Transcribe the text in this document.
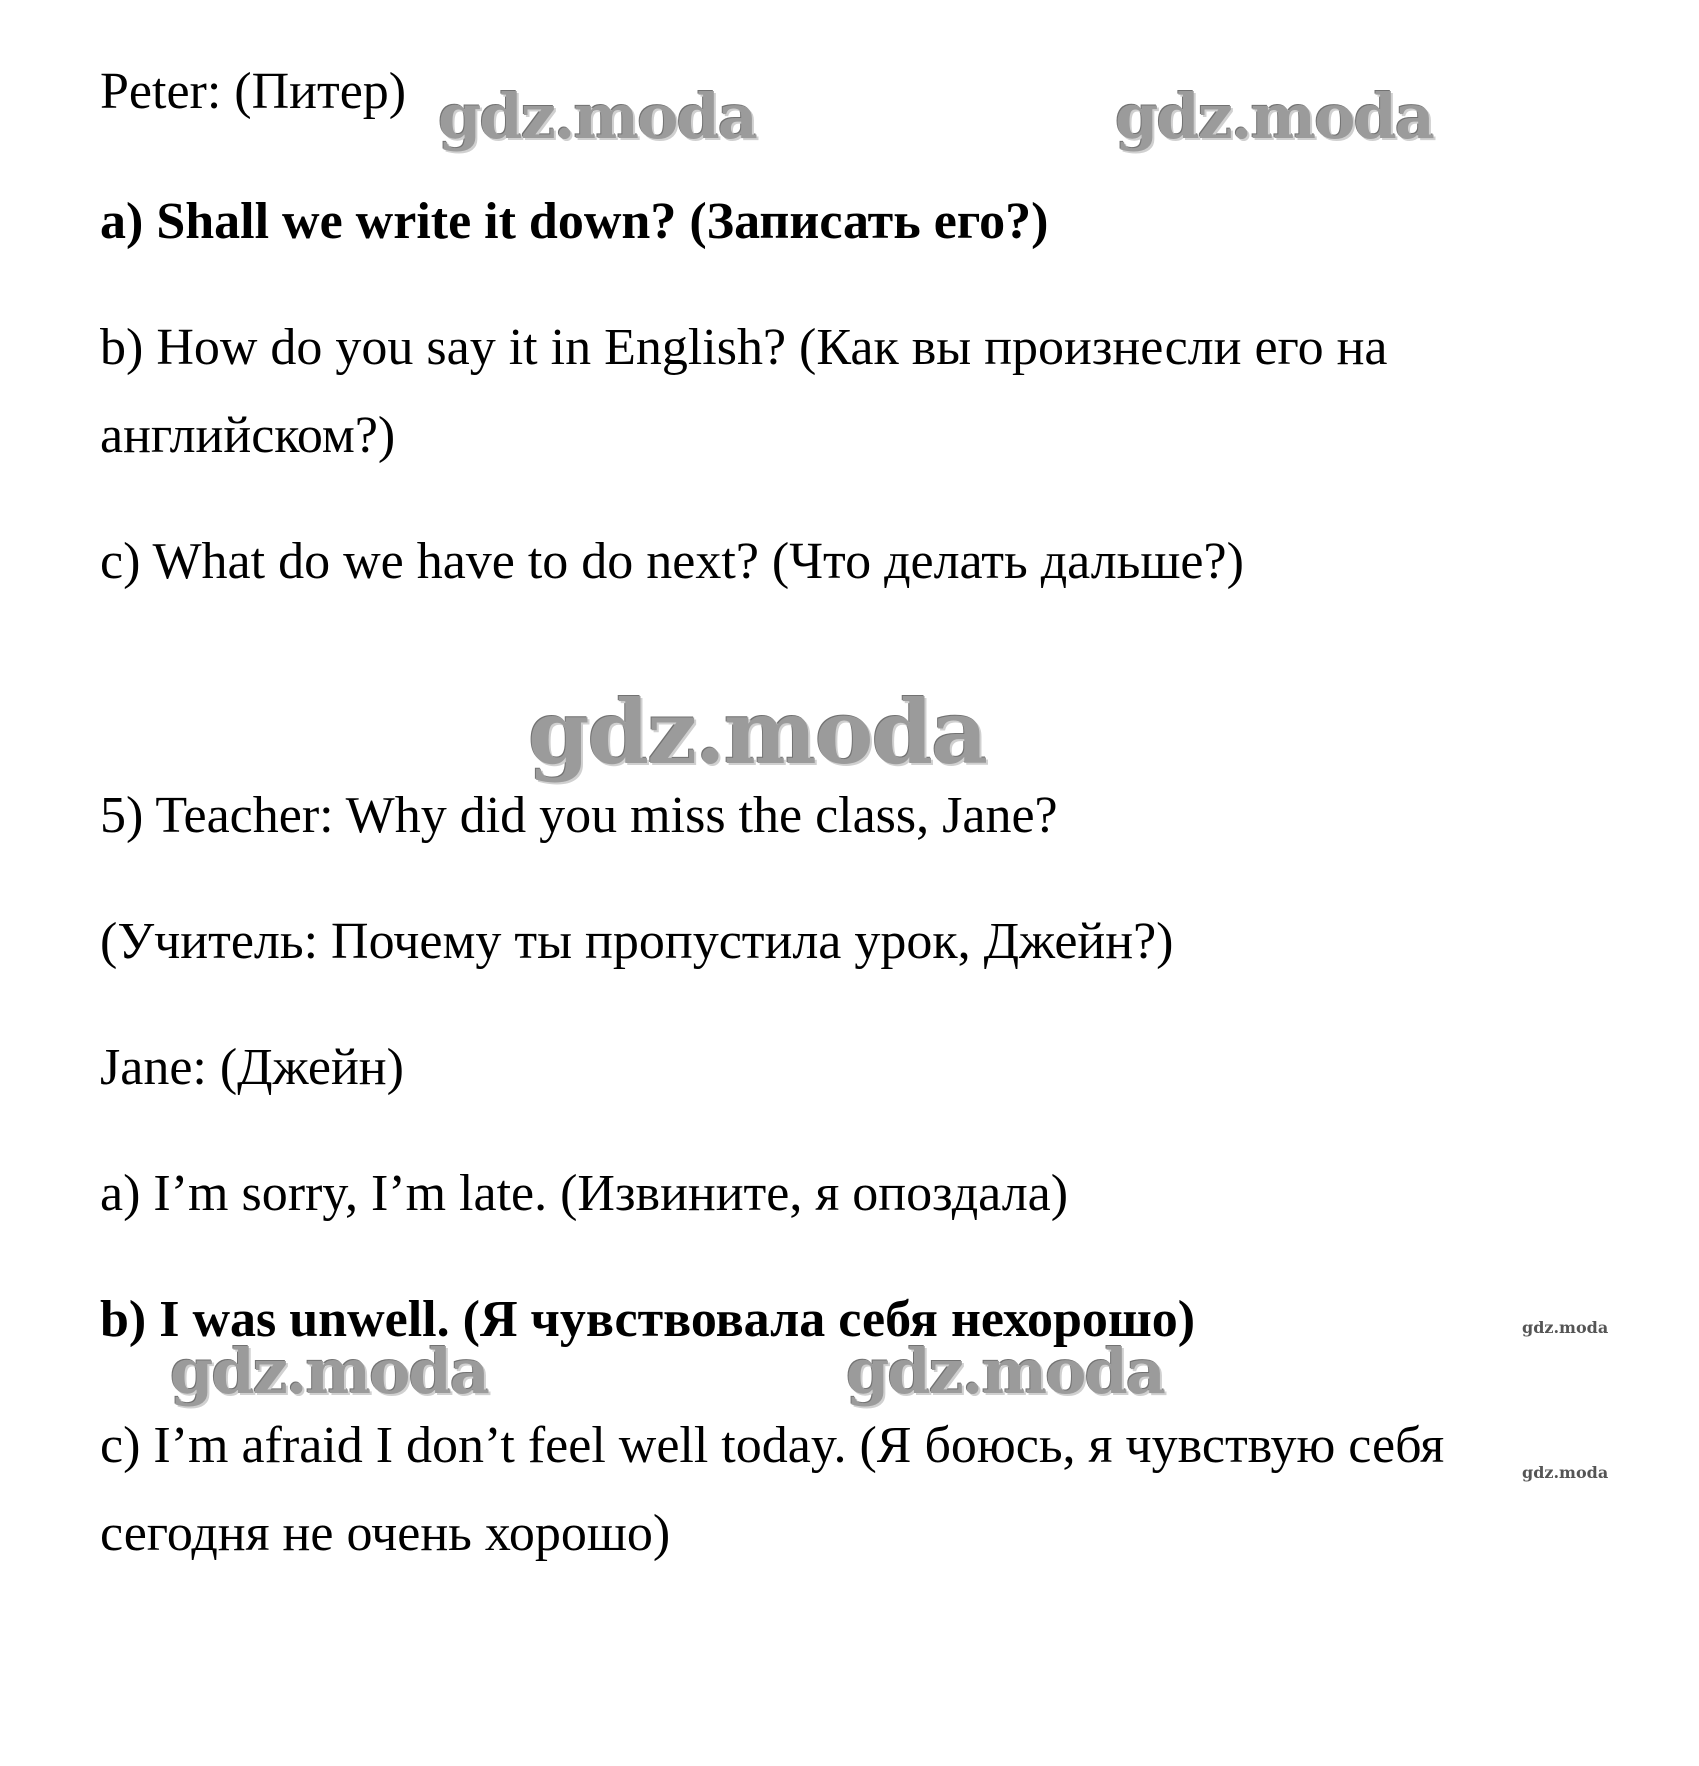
Peter: (Питер)
a) Shall we write it down? (Записать его?)
b) How do you say it in English? (Как вы произнесли его на
английском?)
c) What do we have to do next? (Что делать дальше?)
5) Teacher: Why did you miss the class, Jane?
(Учитель: Почему ты пропустила урок, Джейн?)
Jane: (Джейн)
a) I’m sorry, I’m late. (Извините, я опоздала)
b) I was unwell. (Я чувствовала себя нехорошо)
c) I’m afraid I don’t feel well today. (Я боюсь, я чувствую себя
сегодня не очень хорошо)
gdz.moda	gdz.moda
gdz.moda
gdz.moda	gdz.moda
gdz.moda
gdz.moda
